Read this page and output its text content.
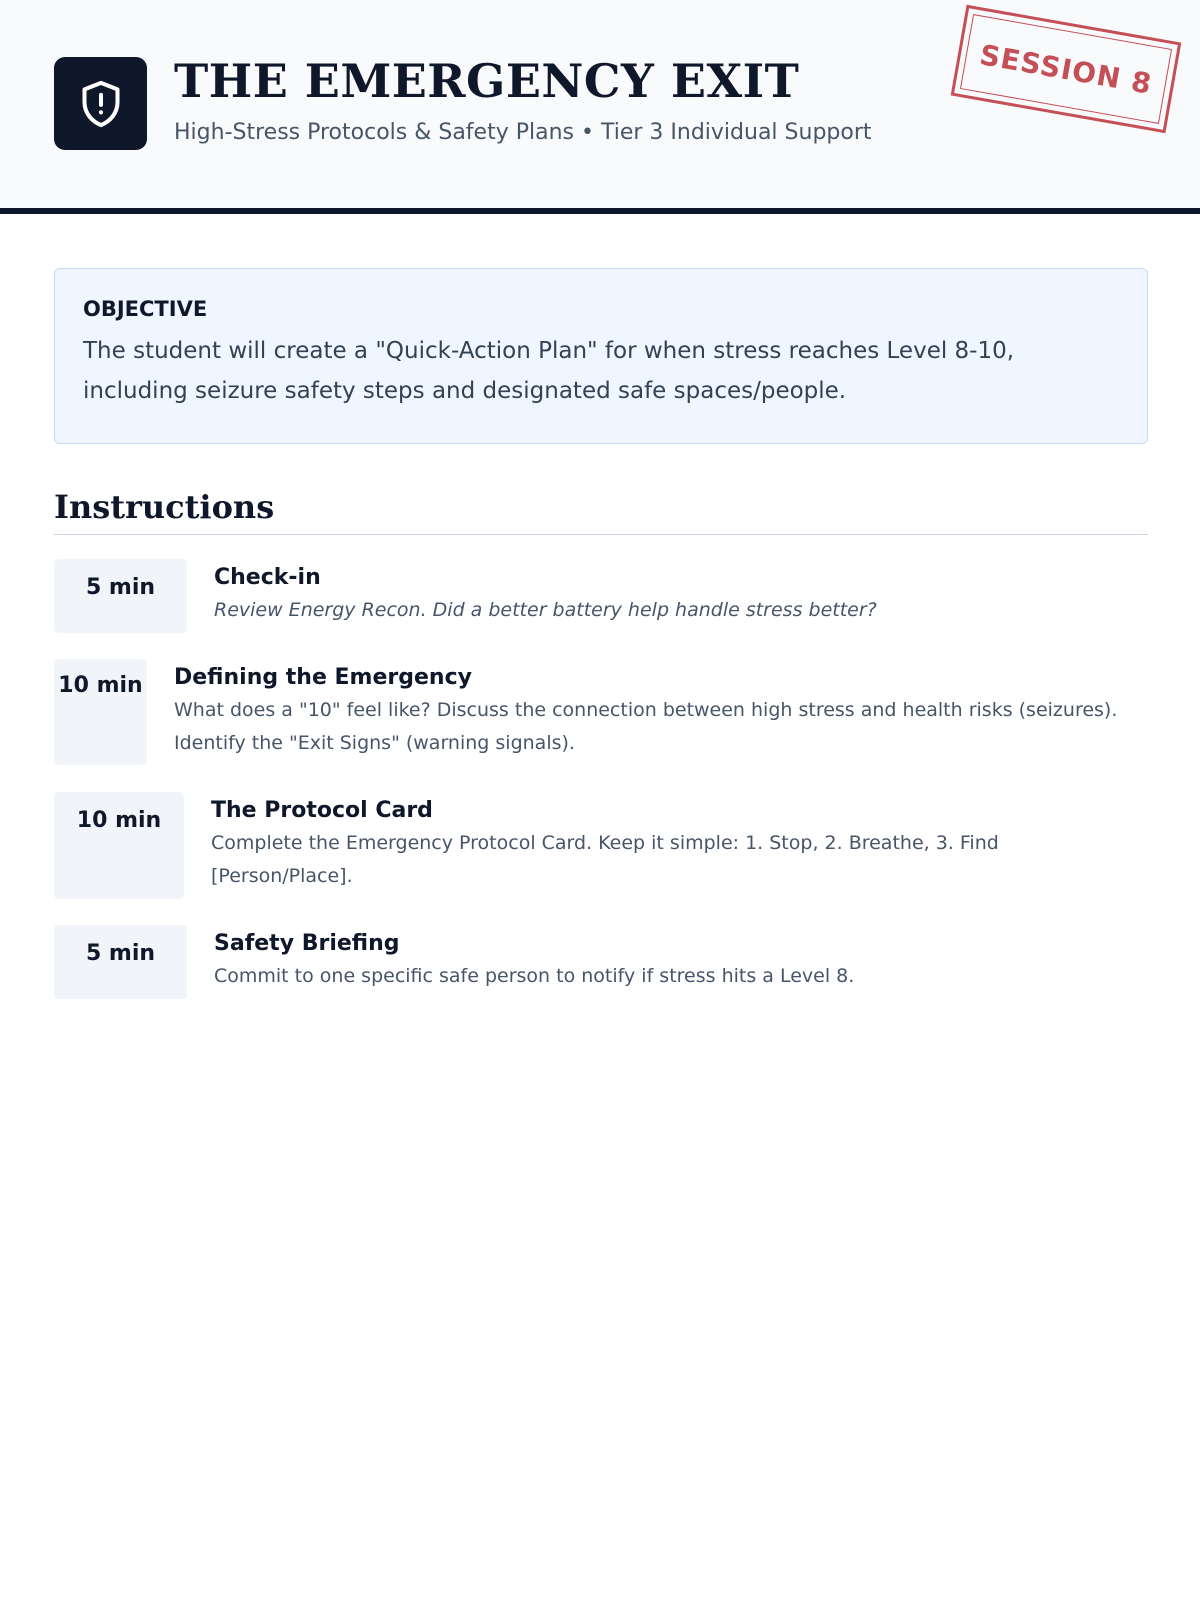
THE EMERGENCY EXIT
High-Stress Protocols & Safety Plans • Tier 3 Individual Support
SESSION 8
OBJECTIVE

The student will create a "Quick-Action Plan" for when stress reaches Level 8-10, including seizure safety steps and designated safe spaces/people.

Instructions
5 min	Check-in
Review Energy Recon. Did a better battery help handle stress better?
10 min Defining the Emergency
What does a "10" feel like? Discuss the connection between high stress and health risks (seizures). Identify the "Exit Signs" (warning signals).
10 min	The Protocol Card
Complete the Emergency Protocol Card. Keep it simple: 1. Stop, 2. Breathe, 3. Find [Person/Place].
5 min	Safety Briefing
Commit to one specific safe person to notify if stress hits a Level 8.
